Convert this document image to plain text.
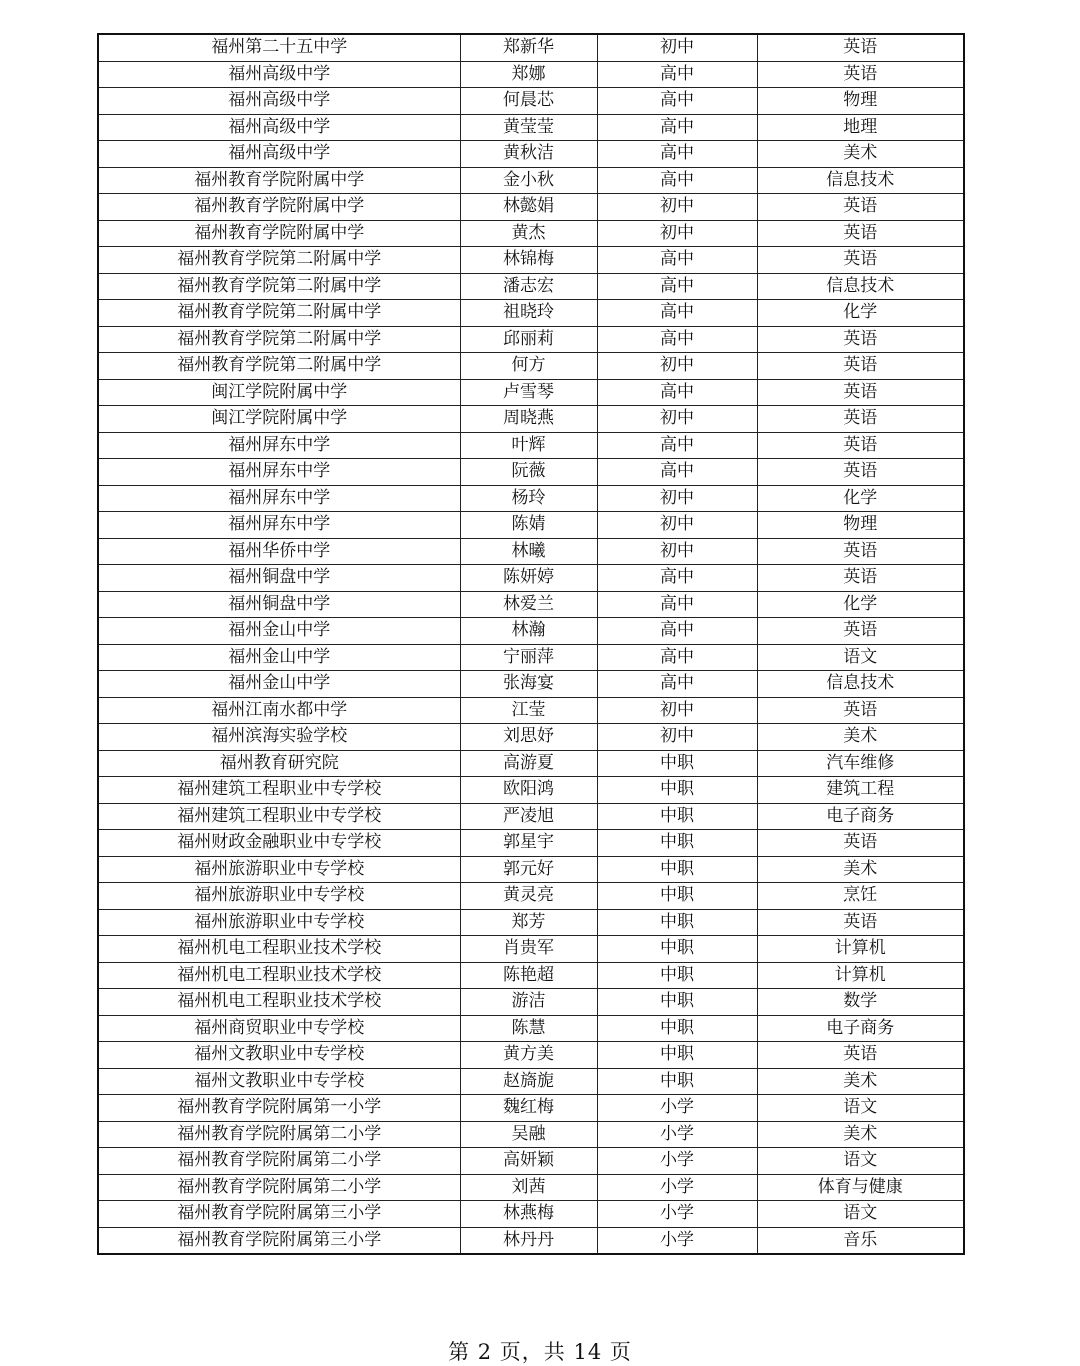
福州第二十五中学	郑新华	初中	英语
福州高级中学	郑娜	高中	英语
福州高级中学	何晨芯	高中	物理
福州高级中学	黄莹莹	高中	地理
福州高级中学	黄秋洁	高中	美术
福州教育学院附属中学	金小秋	高中	信息技术
福州教育学院附属中学	林懿娟	初中	英语
福州教育学院附属中学	黄杰	初中	英语
福州教育学院第二附属中学	林锦梅	高中	英语
福州教育学院第二附属中学	潘志宏	高中	信息技术
福州教育学院第二附属中学	祖晓玲	高中	化学
福州教育学院第二附属中学	邱丽莉	高中	英语
福州教育学院第二附属中学	何方	初中	英语
闽江学院附属中学	卢雪琴	高中	英语
闽江学院附属中学	周晓燕	初中	英语
福州屏东中学	叶辉	高中	英语
福州屏东中学	阮薇	高中	英语
福州屏东中学	杨玲	初中	化学
福州屏东中学	陈婧	初中	物理
福州华侨中学	林曦	初中	英语
福州铜盘中学	陈妍婷	高中	英语
福州铜盘中学	林爱兰	高中	化学
福州金山中学	林瀚	高中	英语
福州金山中学	宁丽萍	高中	语文
福州金山中学	张海宴	高中	信息技术
福州江南水都中学	江莹	初中	英语
福州滨海实验学校	刘思妤	初中	美术
福州教育研究院	高游夏	中职	汽车维修
福州建筑工程职业中专学校	欧阳鸿	中职	建筑工程
福州建筑工程职业中专学校	严凌旭	中职	电子商务
福州财政金融职业中专学校	郭星宇	中职	英语
福州旅游职业中专学校	郭元好	中职	美术
福州旅游职业中专学校	黄灵亮	中职	烹饪
福州旅游职业中专学校	郑芳	中职	英语
福州机电工程职业技术学校	肖贵军	中职	计算机
福州机电工程职业技术学校	陈艳超	中职	计算机
福州机电工程职业技术学校	游洁	中职	数学
福州商贸职业中专学校	陈慧	中职	电子商务
福州文教职业中专学校	黄方美	中职	英语
福州文教职业中专学校	赵旖旎	中职	美术
福州教育学院附属第一小学	魏红梅	小学	语文
福州教育学院附属第二小学	吴融	小学	美术
福州教育学院附属第二小学	高妍颖	小学	语文
福州教育学院附属第二小学	刘茜	小学	体育与健康
福州教育学院附属第三小学	林燕梅	小学	语文
福州教育学院附属第三小学	林丹丹	小学	音乐
第 2 页，共 14 页
